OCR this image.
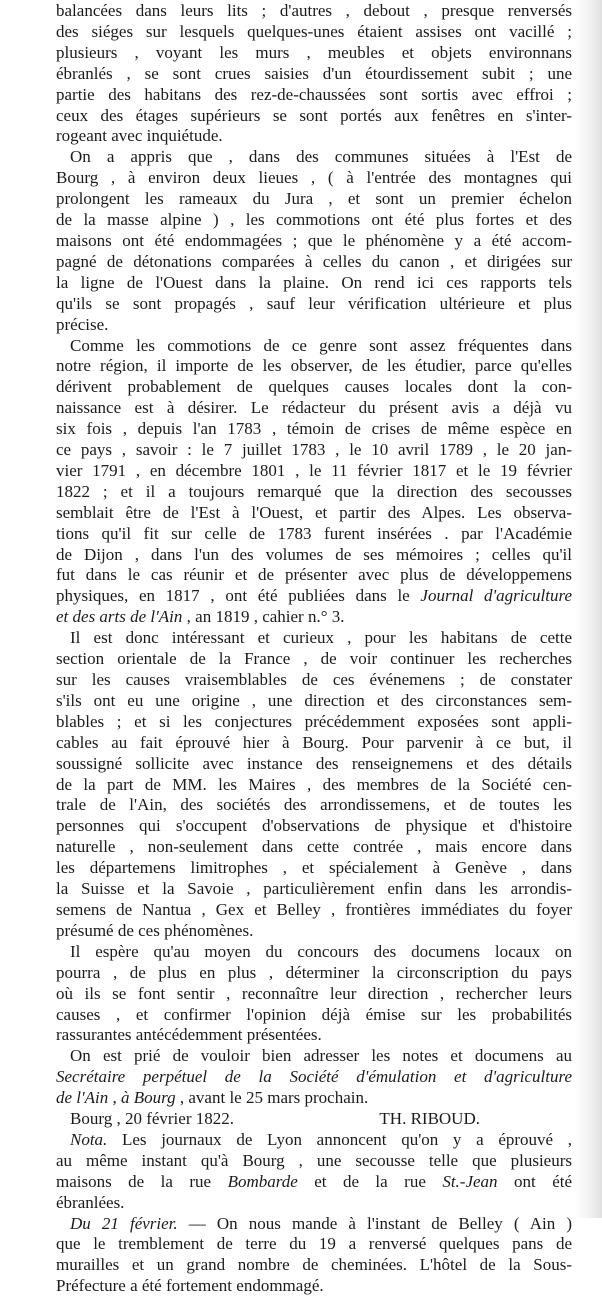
balancées dans leurs lits ; d'autres , debout , presque renversés
des siéges sur lesquels quelques-unes étaient assises ont vacillé ;
plusieurs , voyant les murs , meubles et objets environnans
ébranlés , se sont crues saisies d'un étourdissement subit ; une
partie des habitans des rez-de-chaussées sont sortis avec effroi ;
ceux des étages supérieurs se sont portés aux fenêtres en s'inter-
rogeant avec inquiétude.
On a appris que , dans des communes situées à l'Est de
Bourg , à environ deux lieues , ( à l'entrée des montagnes qui
prolongent les rameaux du Jura , et sont un premier échelon
de la masse alpine ) , les commotions ont été plus fortes et des
maisons ont été endommagées ; que le phénomène y a été accom-
pagné de détonations comparées à celles du canon , et dirigées sur
la ligne de l'Ouest dans la plaine. On rend ici ces rapports tels
qu'ils se sont propagés , sauf leur vérification ultérieure et plus
précise.
Comme les commotions de ce genre sont assez fréquentes dans
notre région, il importe de les observer, de les étudier, parce qu'elles
dérivent probablement de quelques causes locales dont la con-
naissance est à désirer. Le rédacteur du présent avis a déjà vu
six fois , depuis l'an 1783 , témoin de crises de même espèce en
ce pays , savoir : le 7 juillet 1783 , le 10 avril 1789 , le 20 jan-
vier 1791 , en décembre 1801 , le 11 février 1817 et le 19 février
1822 ; et il a toujours remarqué que la direction des secousses
semblait être de l'Est à l'Ouest, et partir des Alpes. Les observa-
tions qu'il fit sur celle de 1783 furent insérées . par l'Académie
de Dijon , dans l'un des volumes de ses mémoires ; celles qu'il
fut dans le cas réunir et de présenter avec plus de développemens
physiques, en 1817 , ont été publiées dans le Journal d'agriculture
et des arts de l'Ain , an 1819 , cahier n.° 3.
Il est donc intéressant et curieux , pour les habitans de cette
section orientale de la France , de voir continuer les recherches
sur les causes vraisemblables de ces événemens ; de constater
s'ils ont eu une origine , une direction et des circonstances sem-
blables ; et si les conjectures précédemment exposées sont appli-
cables au fait éprouvé hier à Bourg. Pour parvenir à ce but, il
soussigné sollicite avec instance des renseignemens et des détails
de la part de MM. les Maires , des membres de la Société cen-
trale de l'Ain, des sociétés des arrondissemens, et de toutes les
personnes qui s'occupent d'observations de physique et d'histoire
naturelle , non-seulement dans cette contrée , mais encore dans
les départemens limitrophes , et spécialement à Genève , dans
la Suisse et la Savoie , particulièrement enfin dans les arrondis-
semens de Nantua , Gex et Belley , frontières immédiates du foyer
présumé de ces phénomènes.
Il espère qu'au moyen du concours des documens locaux on
pourra , de plus en plus , déterminer la circonscription du pays
où ils se font sentir , reconnaître leur direction , rechercher leurs
causes , et confirmer l'opinion déjà émise sur les probabilités
rassurantes antécédemment présentées.
On est prié de vouloir bien adresser les notes et documens au
Secrétaire perpétuel de la Société d'émulation et d'agriculture
de l'Ain , à Bourg , avant le 25 mars prochain.
Bourg , 20 février 1822.	TH. RIBOUD.
Nota. Les journaux de Lyon annoncent qu'on y a éprouvé ,
au même instant qu'à Bourg , une secousse telle que plusieurs
maisons de la rue Bombarde et de la rue St.-Jean ont été
ébranlées.
Du 21 février. — On nous mande à l'instant de Belley ( Ain )
que le tremblement de terre du 19 a renversé quelques pans de
murailles et un grand nombre de cheminées. L'hôtel de la Sous-
Préfecture a été fortement endommagé.
